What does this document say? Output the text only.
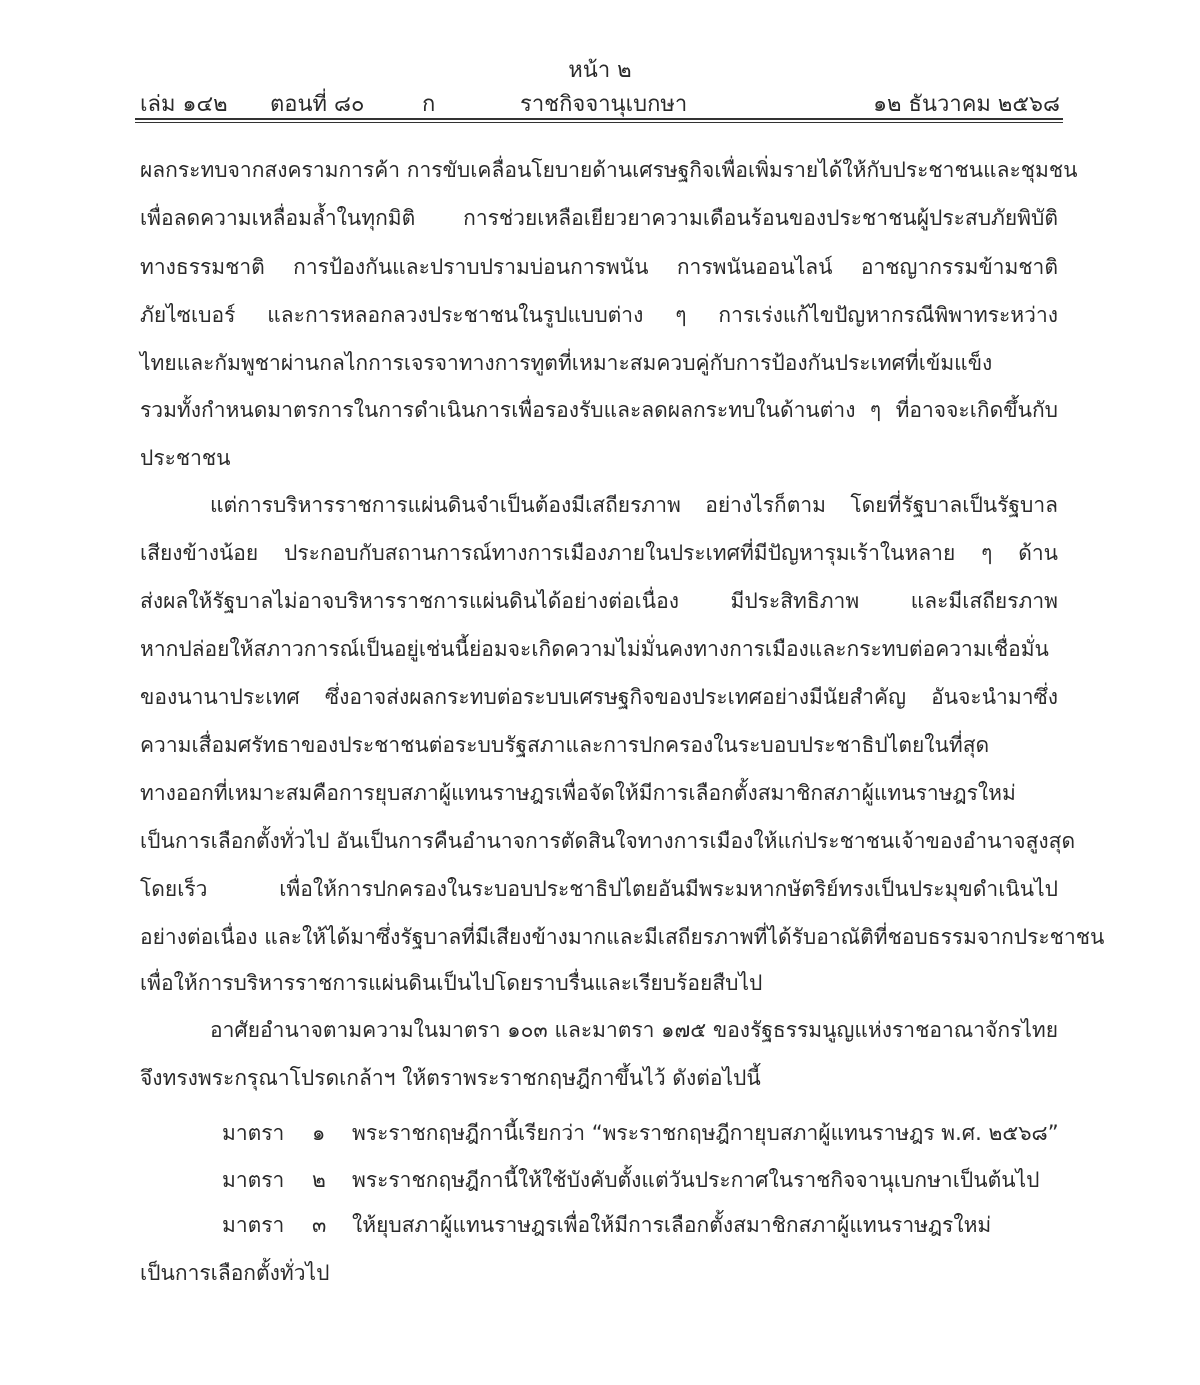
หน้า ๒
เล่ม ๑๔๒ ตอนที่ ๘๐	ก	ราชกิจจานุเบกษา	๑๒ ธันวาคม ๒๕๖๘
ผลกระทบจากสงครามการค้า การขับเคลื่อนโยบายด้านเศรษฐกิจเพื่อเพิ่มรายได้ให้กับประชาชนและชุมชน
เพื่อลดความเหลื่อมล้ำในทุกมิติ การช่วยเหลือเยียวยาความเดือนร้อนของประชาชนผู้ประสบภัยพิบัติ
ทางธรรมชาติ การป้องกันและปราบปรามบ่อนการพนัน การพนันออนไลน์ อาชญากรรมข้ามชาติ
ภัยไซเบอร์ และการหลอกลวงประชาชนในรูปแบบต่าง ๆ การเร่งแก้ไขปัญหากรณีพิพาทระหว่าง
ไทยและกัมพูชาผ่านกลไกการเจรจาทางการทูตที่เหมาะสมควบคู่กับการป้องกันประเทศที่เข้มแข็ง
รวมทั้งกำหนดมาตรการในการดำเนินการเพื่อรองรับและลดผลกระทบในด้านต่าง ๆ ที่อาจจะเกิดขึ้นกับ
ประชาชน
แต่การบริหารราชการแผ่นดินจำเป็นต้องมีเสถียรภาพ อย่างไรก็ตาม โดยที่รัฐบาลเป็นรัฐบาล
เสียงข้างน้อย ประกอบกับสถานการณ์ทางการเมืองภายในประเทศที่มีปัญหารุมเร้าในหลาย ๆ ด้าน
ส่งผลให้รัฐบาลไม่อาจบริหารราชการแผ่นดินได้อย่างต่อเนื่อง มีประสิทธิภาพ และมีเสถียรภาพ
หากปล่อยให้สภาวการณ์เป็นอยู่เช่นนี้ย่อมจะเกิดความไม่มั่นคงทางการเมืองและกระทบต่อความเชื่อมั่น
ของนานาประเทศ ซึ่งอาจส่งผลกระทบต่อระบบเศรษฐกิจของประเทศอย่างมีนัยสำคัญ อันจะนำมาซึ่ง
ความเสื่อมศรัทธาของประชาชนต่อระบบรัฐสภาและการปกครองในระบอบประชาธิปไตยในที่สุด
ทางออกที่เหมาะสมคือการยุบสภาผู้แทนราษฎรเพื่อจัดให้มีการเลือกตั้งสมาชิกสภาผู้แทนราษฎรใหม่
เป็นการเลือกตั้งทั่วไป อันเป็นการคืนอำนาจการตัดสินใจทางการเมืองให้แก่ประชาชนเจ้าของอำนาจสูงสุด
โดยเร็ว เพื่อให้การปกครองในระบอบประชาธิปไตยอันมีพระมหากษัตริย์ทรงเป็นประมุขดำเนินไป
อย่างต่อเนื่อง และให้ได้มาซึ่งรัฐบาลที่มีเสียงข้างมากและมีเสถียรภาพที่ได้รับอาณัติที่ชอบธรรมจากประชาชน
เพื่อให้การบริหารราชการแผ่นดินเป็นไปโดยราบรื่นและเรียบร้อยสืบไป
อาศัยอำนาจตามความในมาตรา ๑๐๓ และมาตรา ๑๗๕ ของรัฐธรรมนูญแห่งราชอาณาจักรไทย
จึงทรงพระกรุณาโปรดเกล้าฯ ให้ตราพระราชกฤษฎีกาขึ้นไว้ ดังต่อไปนี้
มาตรา ๑ พระราชกฤษฎีกานี้เรียกว่า “พระราชกฤษฎีกายุบสภาผู้แทนราษฎร พ.ศ. ๒๕๖๘”
มาตรา ๒ พระราชกฤษฎีกานี้ให้ใช้บังคับตั้งแต่วันประกาศในราชกิจจานุเบกษาเป็นต้นไป
มาตรา ๓ ให้ยุบสภาผู้แทนราษฎรเพื่อให้มีการเลือกตั้งสมาชิกสภาผู้แทนราษฎรใหม่
เป็นการเลือกตั้งทั่วไป
